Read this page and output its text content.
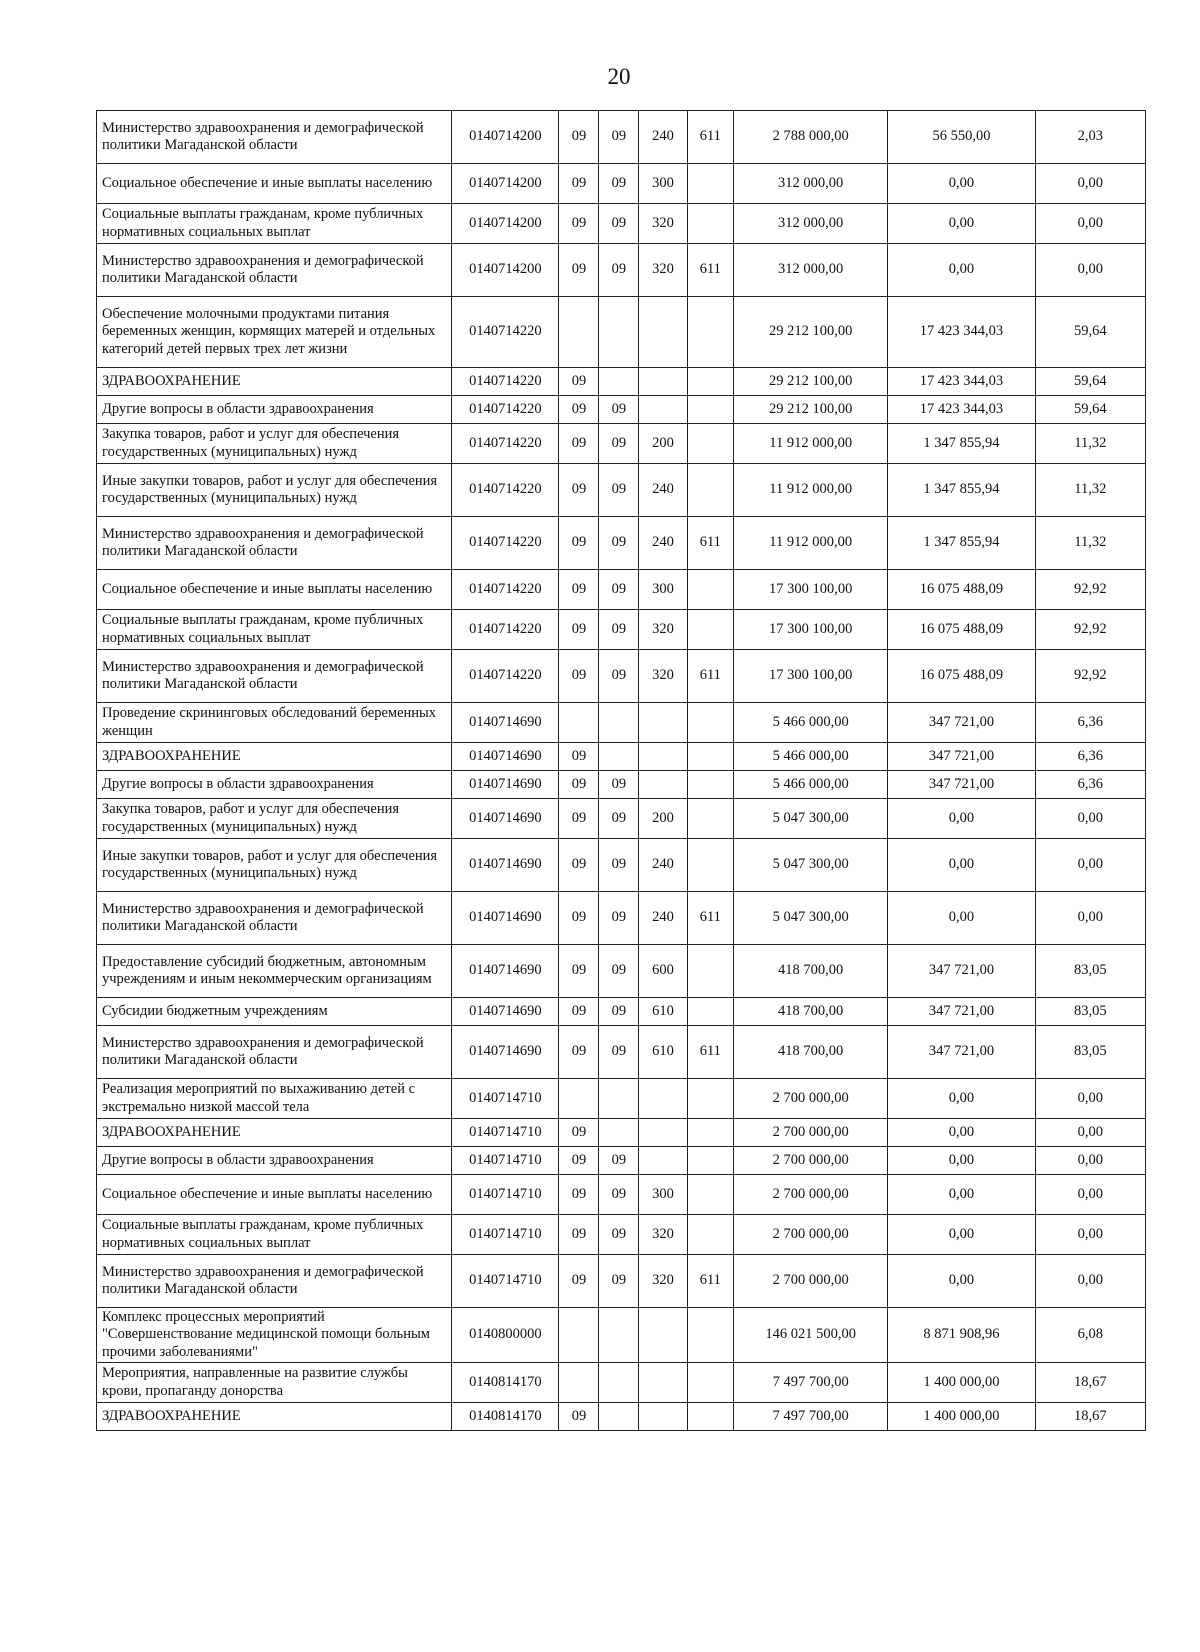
20
Министерство здравоохранения и демографической политики Магаданской области	0140714200	09	09	240	611	2 788 000,00	56 550,00	2,03
Социальное обеспечение и иные выплаты населению	0140714200	09	09	300		312 000,00	0,00	0,00
Социальные выплаты гражданам, кроме публичных нормативных социальных выплат	0140714200	09	09	320		312 000,00	0,00	0,00
Министерство здравоохранения и демографической политики Магаданской области	0140714200	09	09	320	611	312 000,00	0,00	0,00
Обеспечение молочными продуктами питания беременных женщин, кормящих матерей и отдельных категорий детей первых трех лет жизни	0140714220					29 212 100,00	17 423 344,03	59,64
ЗДРАВООХРАНЕНИЕ	0140714220	09				29 212 100,00	17 423 344,03	59,64
Другие вопросы в области здравоохранения	0140714220	09	09			29 212 100,00	17 423 344,03	59,64
Закупка товаров, работ и услуг для обеспечения государственных (муниципальных) нужд	0140714220	09	09	200		11 912 000,00	1 347 855,94	11,32
Иные закупки товаров, работ и услуг для обеспечения государственных (муниципальных) нужд	0140714220	09	09	240		11 912 000,00	1 347 855,94	11,32
Министерство здравоохранения и демографической политики Магаданской области	0140714220	09	09	240	611	11 912 000,00	1 347 855,94	11,32
Социальное обеспечение и иные выплаты населению	0140714220	09	09	300		17 300 100,00	16 075 488,09	92,92
Социальные выплаты гражданам, кроме публичных нормативных социальных выплат	0140714220	09	09	320		17 300 100,00	16 075 488,09	92,92
Министерство здравоохранения и демографической политики Магаданской области	0140714220	09	09	320	611	17 300 100,00	16 075 488,09	92,92
Проведение скрининговых обследований беременных женщин	0140714690					5 466 000,00	347 721,00	6,36
ЗДРАВООХРАНЕНИЕ	0140714690	09				5 466 000,00	347 721,00	6,36
Другие вопросы в области здравоохранения	0140714690	09	09			5 466 000,00	347 721,00	6,36
Закупка товаров, работ и услуг для обеспечения государственных (муниципальных) нужд	0140714690	09	09	200		5 047 300,00	0,00	0,00
Иные закупки товаров, работ и услуг для обеспечения государственных (муниципальных) нужд	0140714690	09	09	240		5 047 300,00	0,00	0,00
Министерство здравоохранения и демографической политики Магаданской области	0140714690	09	09	240	611	5 047 300,00	0,00	0,00
Предоставление субсидий бюджетным, автономным учреждениям и иным некоммерческим организациям	0140714690	09	09	600		418 700,00	347 721,00	83,05
Субсидии бюджетным учреждениям	0140714690	09	09	610		418 700,00	347 721,00	83,05
Министерство здравоохранения и демографической политики Магаданской области	0140714690	09	09	610	611	418 700,00	347 721,00	83,05
Реализация мероприятий по выхаживанию детей с экстремально низкой массой тела	0140714710					2 700 000,00	0,00	0,00
ЗДРАВООХРАНЕНИЕ	0140714710	09				2 700 000,00	0,00	0,00
Другие вопросы в области здравоохранения	0140714710	09	09			2 700 000,00	0,00	0,00
Социальное обеспечение и иные выплаты населению	0140714710	09	09	300		2 700 000,00	0,00	0,00
Социальные выплаты гражданам, кроме публичных нормативных социальных выплат	0140714710	09	09	320		2 700 000,00	0,00	0,00
Министерство здравоохранения и демографической политики Магаданской области	0140714710	09	09	320	611	2 700 000,00	0,00	0,00
Комплекс процессных мероприятий "Совершенствование медицинской помощи больным прочими заболеваниями"	0140800000					146 021 500,00	8 871 908,96	6,08
Мероприятия, направленные на развитие службы крови, пропаганду донорства	0140814170					7 497 700,00	1 400 000,00	18,67
ЗДРАВООХРАНЕНИЕ	0140814170	09				7 497 700,00	1 400 000,00	18,67
